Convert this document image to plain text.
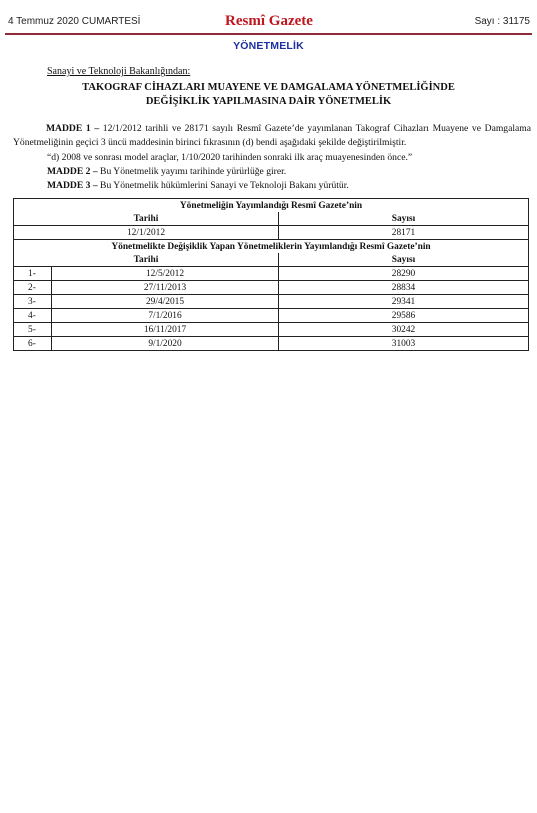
4 Temmuz 2020 CUMARTESİ	Resmî Gazete	Sayı : 31175
YÖNETMELİK
Sanayi ve Teknoloji Bakanlığından:
TAKOGRAF CİHAZLARI MUAYENE VE DAMGALAMA YÖNETMELİĞİNDE
DEĞİŞİKLİK YAPILMASINA DAİR YÖNETMELİK
MADDE 1 – 12/1/2012 tarihli ve 28171 sayılı Resmî Gazete’de yayımlanan Takograf Cihazları Muayene ve Damgalama Yönetmeliğinin geçici 3 üncü maddesinin birinci fıkrasının (d) bendi aşağıdaki şekilde değiştirilmiştir.
“d) 2008 ve sonrası model araçlar, 1/10/2020 tarihinden sonraki ilk araç muayenesinden önce.”
MADDE 2 – Bu Yönetmelik yayımı tarihinde yürürlüğe girer.
MADDE 3 – Bu Yönetmelik hükümlerini Sanayi ve Teknoloji Bakanı yürütür.
Yönetmeliğin Yayımlandığı Resmî Gazete’nin		
Tarihi		Sayısı
12/1/2012		28171
Yönetmelikte Değişiklik Yapan Yönetmeliklerin Yayımlandığı Resmî Gazete’nin		
Tarihi		Sayısı
1-	12/5/2012	28290
2-	27/11/2013	28834
3-	29/4/2015	29341
4-	7/1/2016	29586
5-	16/11/2017	30242
6-	9/1/2020	31003
